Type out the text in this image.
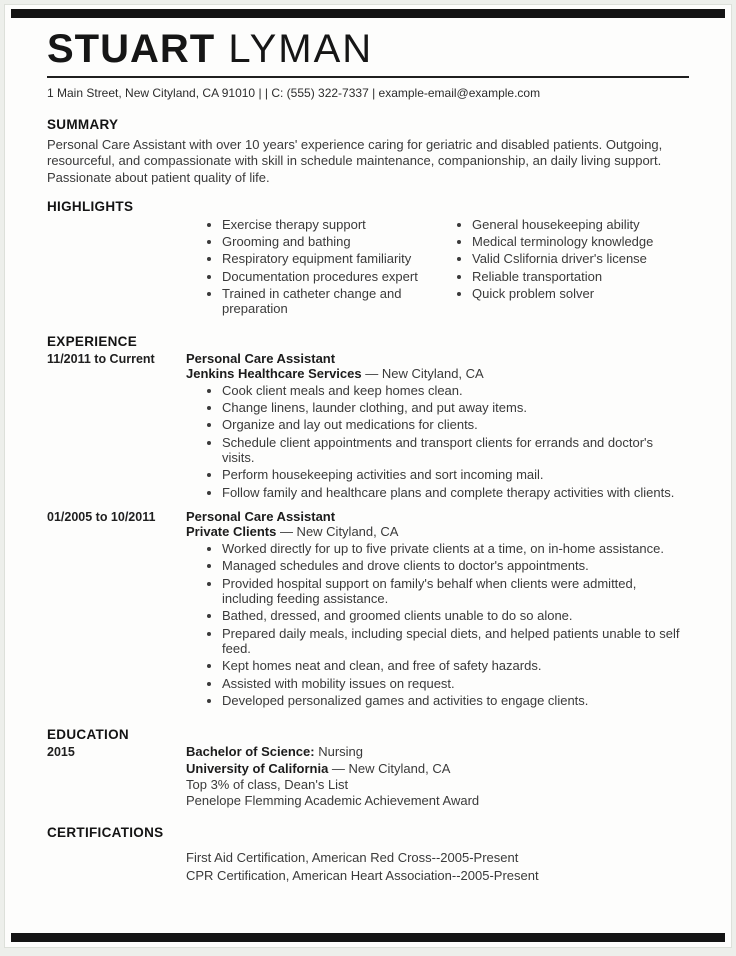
STUART LYMAN
1 Main Street, New Cityland, CA 91010 | | C: (555) 322-7337 | example-email@example.com
SUMMARY
Personal Care Assistant with over 10 years' experience caring for geriatric and disabled patients. Outgoing, resourceful, and compassionate with skill in schedule maintenance, companionship, an daily living support. Passionate about patient quality of life.
HIGHLIGHTS
• Exercise therapy support
• Grooming and bathing
• Respiratory equipment familiarity
• Documentation procedures expert
• Trained in catheter change and preparation
• General housekeeping ability
• Medical terminology knowledge
• Valid Cslifornia driver's license
• Reliable transportation
• Quick problem solver
EXPERIENCE
11/2011 to Current	Personal Care Assistant
Jenkins Healthcare Services — New Cityland, CA
• Cook client meals and keep homes clean.
• Change linens, launder clothing, and put away items.
• Organize and lay out medications for clients.
• Schedule client appointments and transport clients for errands and doctor's visits.
• Perform housekeeping activities and sort incoming mail.
• Follow family and healthcare plans and complete therapy activities with clients.
01/2005 to 10/2011	Personal Care Assistant
Private Clients — New Cityland, CA
• Worked directly for up to five private clients at a time, on in-home assistance.
• Managed schedules and drove clients to doctor's appointments.
• Provided hospital support on family's behalf when clients were admitted, including feeding assistance.
• Bathed, dressed, and groomed clients unable to do so alone.
• Prepared daily meals, including special diets, and helped patients unable to self feed.
• Kept homes neat and clean, and free of safety hazards.
• Assisted with mobility issues on request.
• Developed personalized games and activities to engage clients.
EDUCATION
2015	Bachelor of Science: Nursing
University of California — New Cityland, CA
Top 3% of class, Dean's List
Penelope Flemming Academic Achievement Award
CERTIFICATIONS
First Aid Certification, American Red Cross--2005-Present
CPR Certification, American Heart Association--2005-Present
